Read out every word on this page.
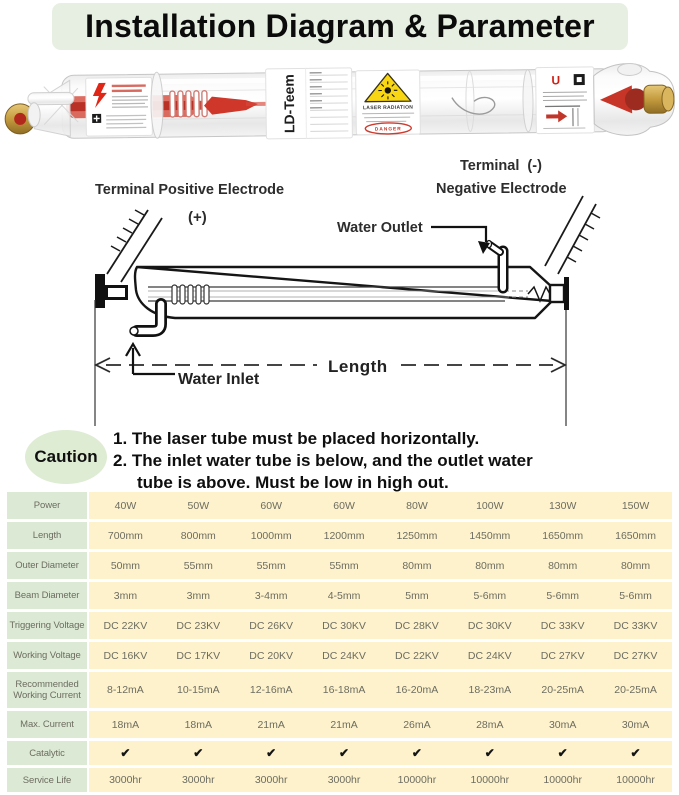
Installation Diagram & Parameter
LD-Teem	LASER RADIATION
DANGER
U
Terminal Positive Electrode
(+)
Terminal  (-)
Negative Electrode
Water Outlet
Length
Water Inlet
Caution
1. The laser tube must be placed horizontally.
2. The inlet water tube is below, and the outlet water
tube is above. Must be low in high out.
Power	40W	50W	60W	60W	80W	100W	130W	150W
Length	700mm	800mm	1000mm	1200mm	1250mm	1450mm	1650mm	1650mm
Outer Diameter	50mm	55mm	55mm	55mm	80mm	80mm	80mm	80mm
Beam Diameter	3mm	3mm	3-4mm	4-5mm	5mm	5-6mm	5-6mm	5-6mm
Triggering Voltage	DC 22KV	DC 23KV	DC 26KV	DC 30KV	DC 28KV	DC 30KV	DC 33KV	DC 33KV
Working Voltage	DC 16KV	DC 17KV	DC 20KV	DC 24KV	DC 22KV	DC 24KV	DC 27KV	DC 27KV
Recommended Working Current	8-12mA	10-15mA	12-16mA	16-18mA	16-20mA	18-23mA	20-25mA	20-25mA
Max. Current	18mA	18mA	21mA	21mA	26mA	28mA	30mA	30mA
Catalytic	✔	✔	✔	✔	✔	✔	✔	✔
Service Life	3000hr	3000hr	3000hr	3000hr	10000hr	10000hr	10000hr	10000hr
